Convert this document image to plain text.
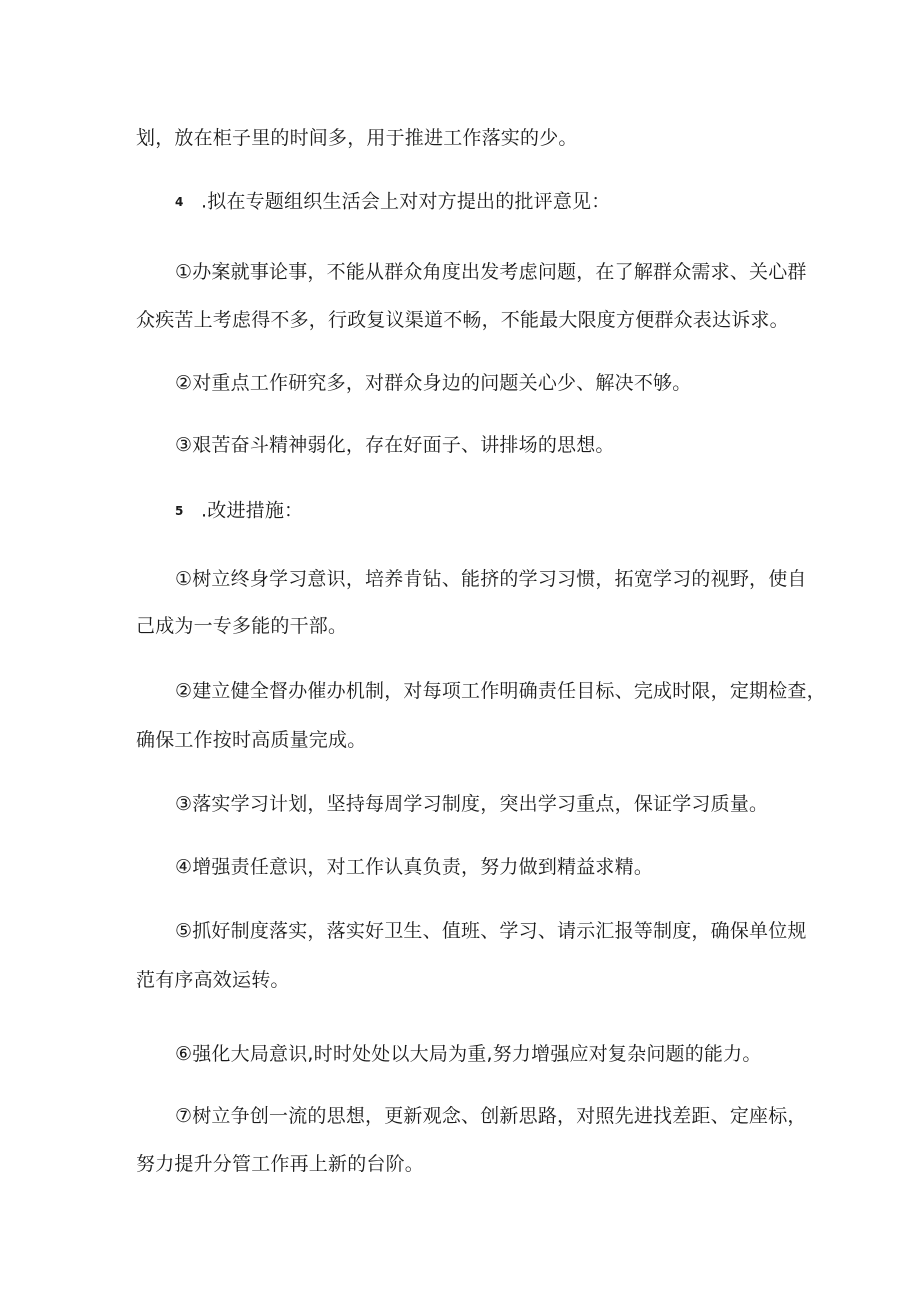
划，放在柜子里的时间多，用于推进工作落实的少。
4 .拟在专题组织生活会上对对方提出的批评意见：
①办案就事论事，不能从群众角度出发考虑问题，在了解群众需求、关心群
众疾苦上考虑得不多，行政复议渠道不畅，不能最大限度方便群众表达诉求。
②对重点工作研究多，对群众身边的问题关心少、解决不够。
③艰苦奋斗精神弱化，存在好面子、讲排场的思想。
5 .改进措施：
①树立终身学习意识，培养肯钻、能挤的学习习惯，拓宽学习的视野，使自
己成为一专多能的干部。
②建立健全督办催办机制，对每项工作明确责任目标、完成时限，定期检查，
确保工作按时高质量完成。
③落实学习计划，坚持每周学习制度，突出学习重点，保证学习质量。
④增强责任意识，对工作认真负责，努力做到精益求精。
⑤抓好制度落实，落实好卫生、值班、学习、请示汇报等制度，确保单位规
范有序高效运转。
⑥强化大局意识,时时处处以大局为重,努力增强应对复杂问题的能力。
⑦树立争创一流的思想，更新观念、创新思路，对照先进找差距、定座标，
努力提升分管工作再上新的台阶。
